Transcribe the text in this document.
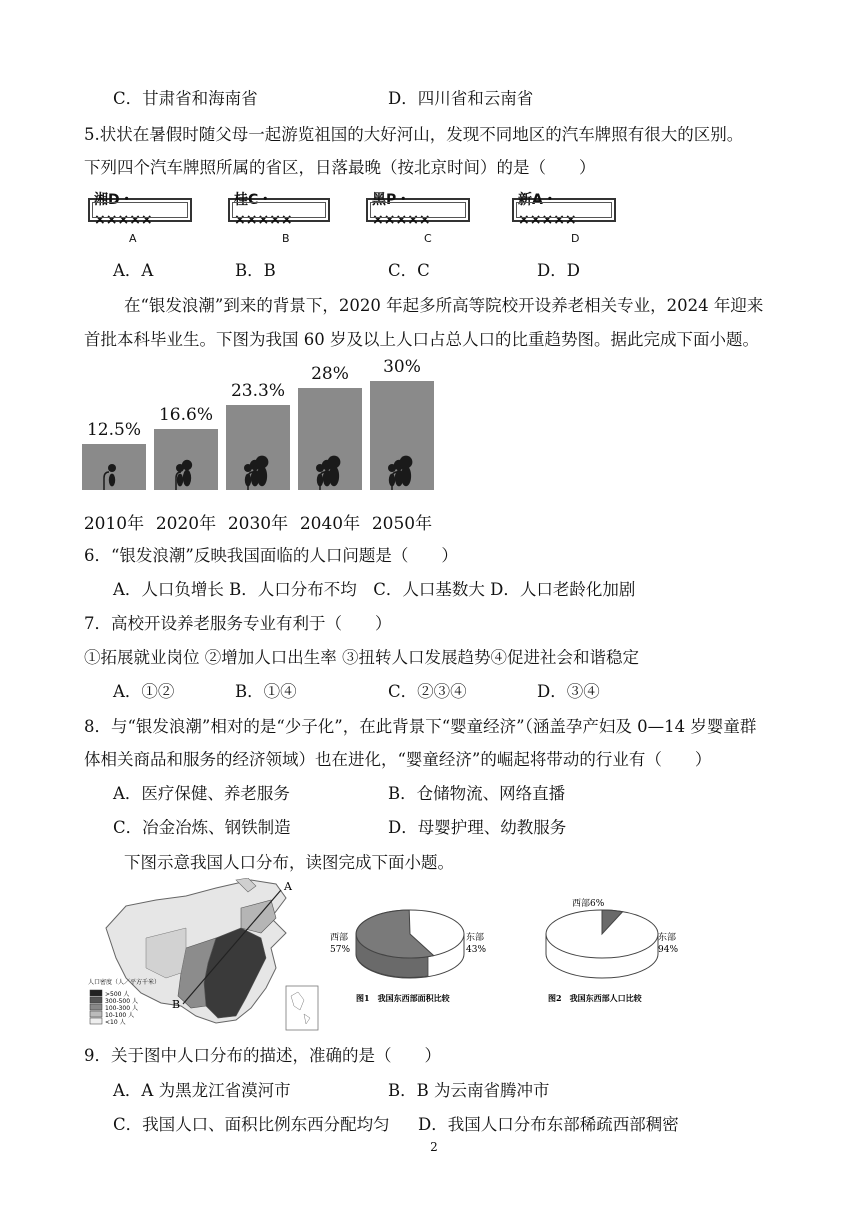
C．甘肃省和海南省	D．四川省和云南省
5.状状在暑假时随父母一起游览祖国的大好河山，发现不同地区的汽车牌照有很大的区别。
下列四个汽车牌照所属的省区，日落最晚（按北京时间）的是（　　）
湘D・×××××
桂C・×××××
黑P・×××××
新A・×××××
A	B	C	D
A．A	B．B	C．C	D．D
在“银发浪潮”到来的背景下，2020 年起多所高等院校开设养老相关专业，2024 年迎来
首批本科毕业生。下图为我国 60 岁及以上人口占总人口的比重趋势图。据此完成下面小题。
12.5%
2010年
16.6%
2020年
23.3%
2030年
28%
2040年
30%
2050年
6．“银发浪潮”反映我国面临的人口问题是（　　）
A．人口负增长 B．人口分布不均　C．人口基数大 D．人口老龄化加剧
7．高校开设养老服务专业有利于（　　）
①拓展就业岗位 ②增加人口出生率 ③扭转人口发展趋势④促进社会和谐稳定
A．①②	B．①④	C．②③④	D．③④
8．与“银发浪潮”相对的是“少子化”，在此背景下“婴童经济”（涵盖孕产妇及 0—14 岁婴童群
体相关商品和服务的经济领域）也在进化，“婴童经济”的崛起将带动的行业有（　　）
A．医疗保健、养老服务	B．仓储物流、网络直播
C．冶金冶炼、钢铁制造	D．母婴护理、幼教服务
下图示意我国人口分布，读图完成下面小题。
A
B
人口密度（人／平方千米）
>500 人
300-500 人
100-300 人
10-100 人
<10 人
西部
57%
东部
43%
图1　我国东西部面积比较
西部6%
东部
94%
图2　我国东西部人口比较
9．关于图中人口分布的描述，准确的是（　　）
A．A 为黑龙江省漠河市	B．B 为云南省腾冲市
C．我国人口、面积比例东西分配均匀 D．我国人口分布东部稀疏西部稠密
2
